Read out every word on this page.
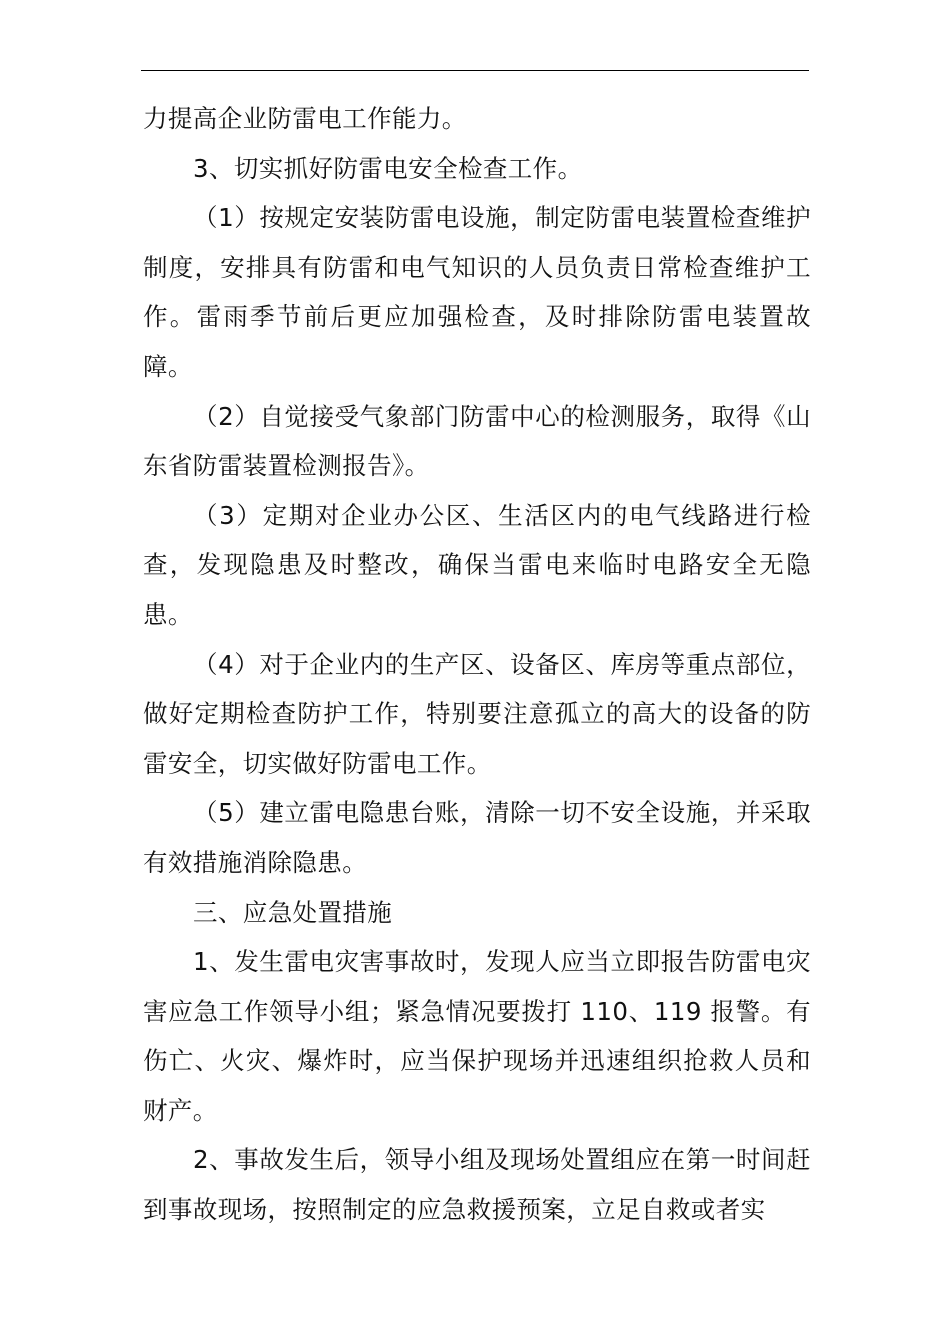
力提高企业防雷电工作能力。

3、切实抓好防雷电安全检查工作。

（1）按规定安装防雷电设施，制定防雷电装置检查维护制度，安排具有防雷和电气知识的人员负责日常检查维护工作。雷雨季节前后更应加强检查，及时排除防雷电装置故障。

（2）自觉接受气象部门防雷中心的检测服务，取得《山东省防雷装置检测报告》。

（3）定期对企业办公区、生活区内的电气线路进行检查，发现隐患及时整改，确保当雷电来临时电路安全无隐患。

（4）对于企业内的生产区、设备区、库房等重点部位，做好定期检查防护工作，特别要注意孤立的高大的设备的防雷安全，切实做好防雷电工作。

（5）建立雷电隐患台账，清除一切不安全设施，并采取有效措施消除隐患。

三、应急处置措施

1、发生雷电灾害事故时，发现人应当立即报告防雷电灾害应急工作领导小组；紧急情况要拨打 110、119 报警。有伤亡、火灾、爆炸时，应当保护现场并迅速组织抢救人员和财产。

2、事故发生后，领导小组及现场处置组应在第一时间赶到事故现场，按照制定的应急救援预案，立足自救或者实
